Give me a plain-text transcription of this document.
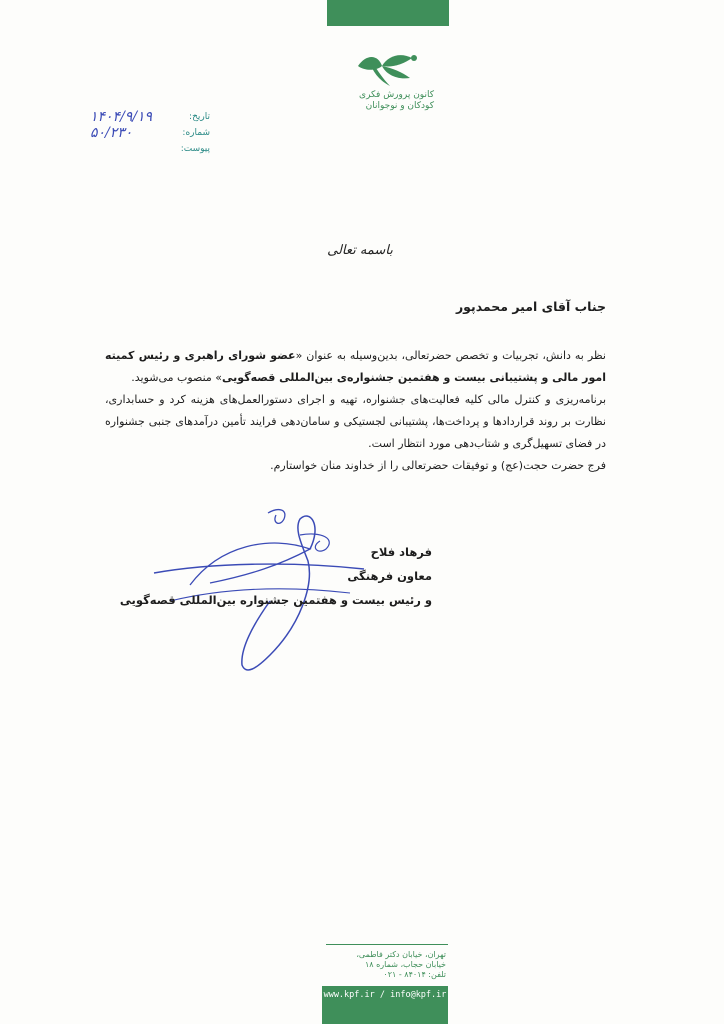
کانون پرورش فکری
کودکان و نوجوانان
تاریخ:
۱۴۰۴/۹/۱۹
شماره:
۵۰/۲۳۰
پیوست:
باسمه تعالی
جناب آقای امیر محمدپور

نظر به دانش، تجربیات و تخصص حضرتعالی، بدین‌وسیله به عنوان «عضو شورای راهبری و رئیس کمیته امور مالی و پشتیبانی بیست و هفتمین جشنواره‌ی بین‌المللی قصه‌گویی» منصوب می‌شوید.

برنامه‌ریزی و کنترل مالی کلیه فعالیت‌های جشنواره، تهیه و اجرای دستورالعمل‌های هزینه کرد و حسابداری، نظارت بر روند قراردادها و پرداخت‌ها، پشتیبانی لجستیکی و سامان‌دهی فرایند تأمین درآمدهای جنبی جشنواره در فضای تسهیل‌گری و شتاب‌دهی مورد انتظار است.

فرج حضرت حجت(عج) و توفیقات حضرتعالی را از خداوند منان خواستارم.

فرهاد فلاح
معاون فرهنگی
و رئیس بیست و هفتمین جشنواره بین‌المللی قصه‌گویی
تهران، خیابان دکتر فاطمی،
خیابان حجاب، شماره ۱۸
تلفن: ۸۴۰۱۴ - ۰۲۱
www.kpf.ir / info@kpf.ir
